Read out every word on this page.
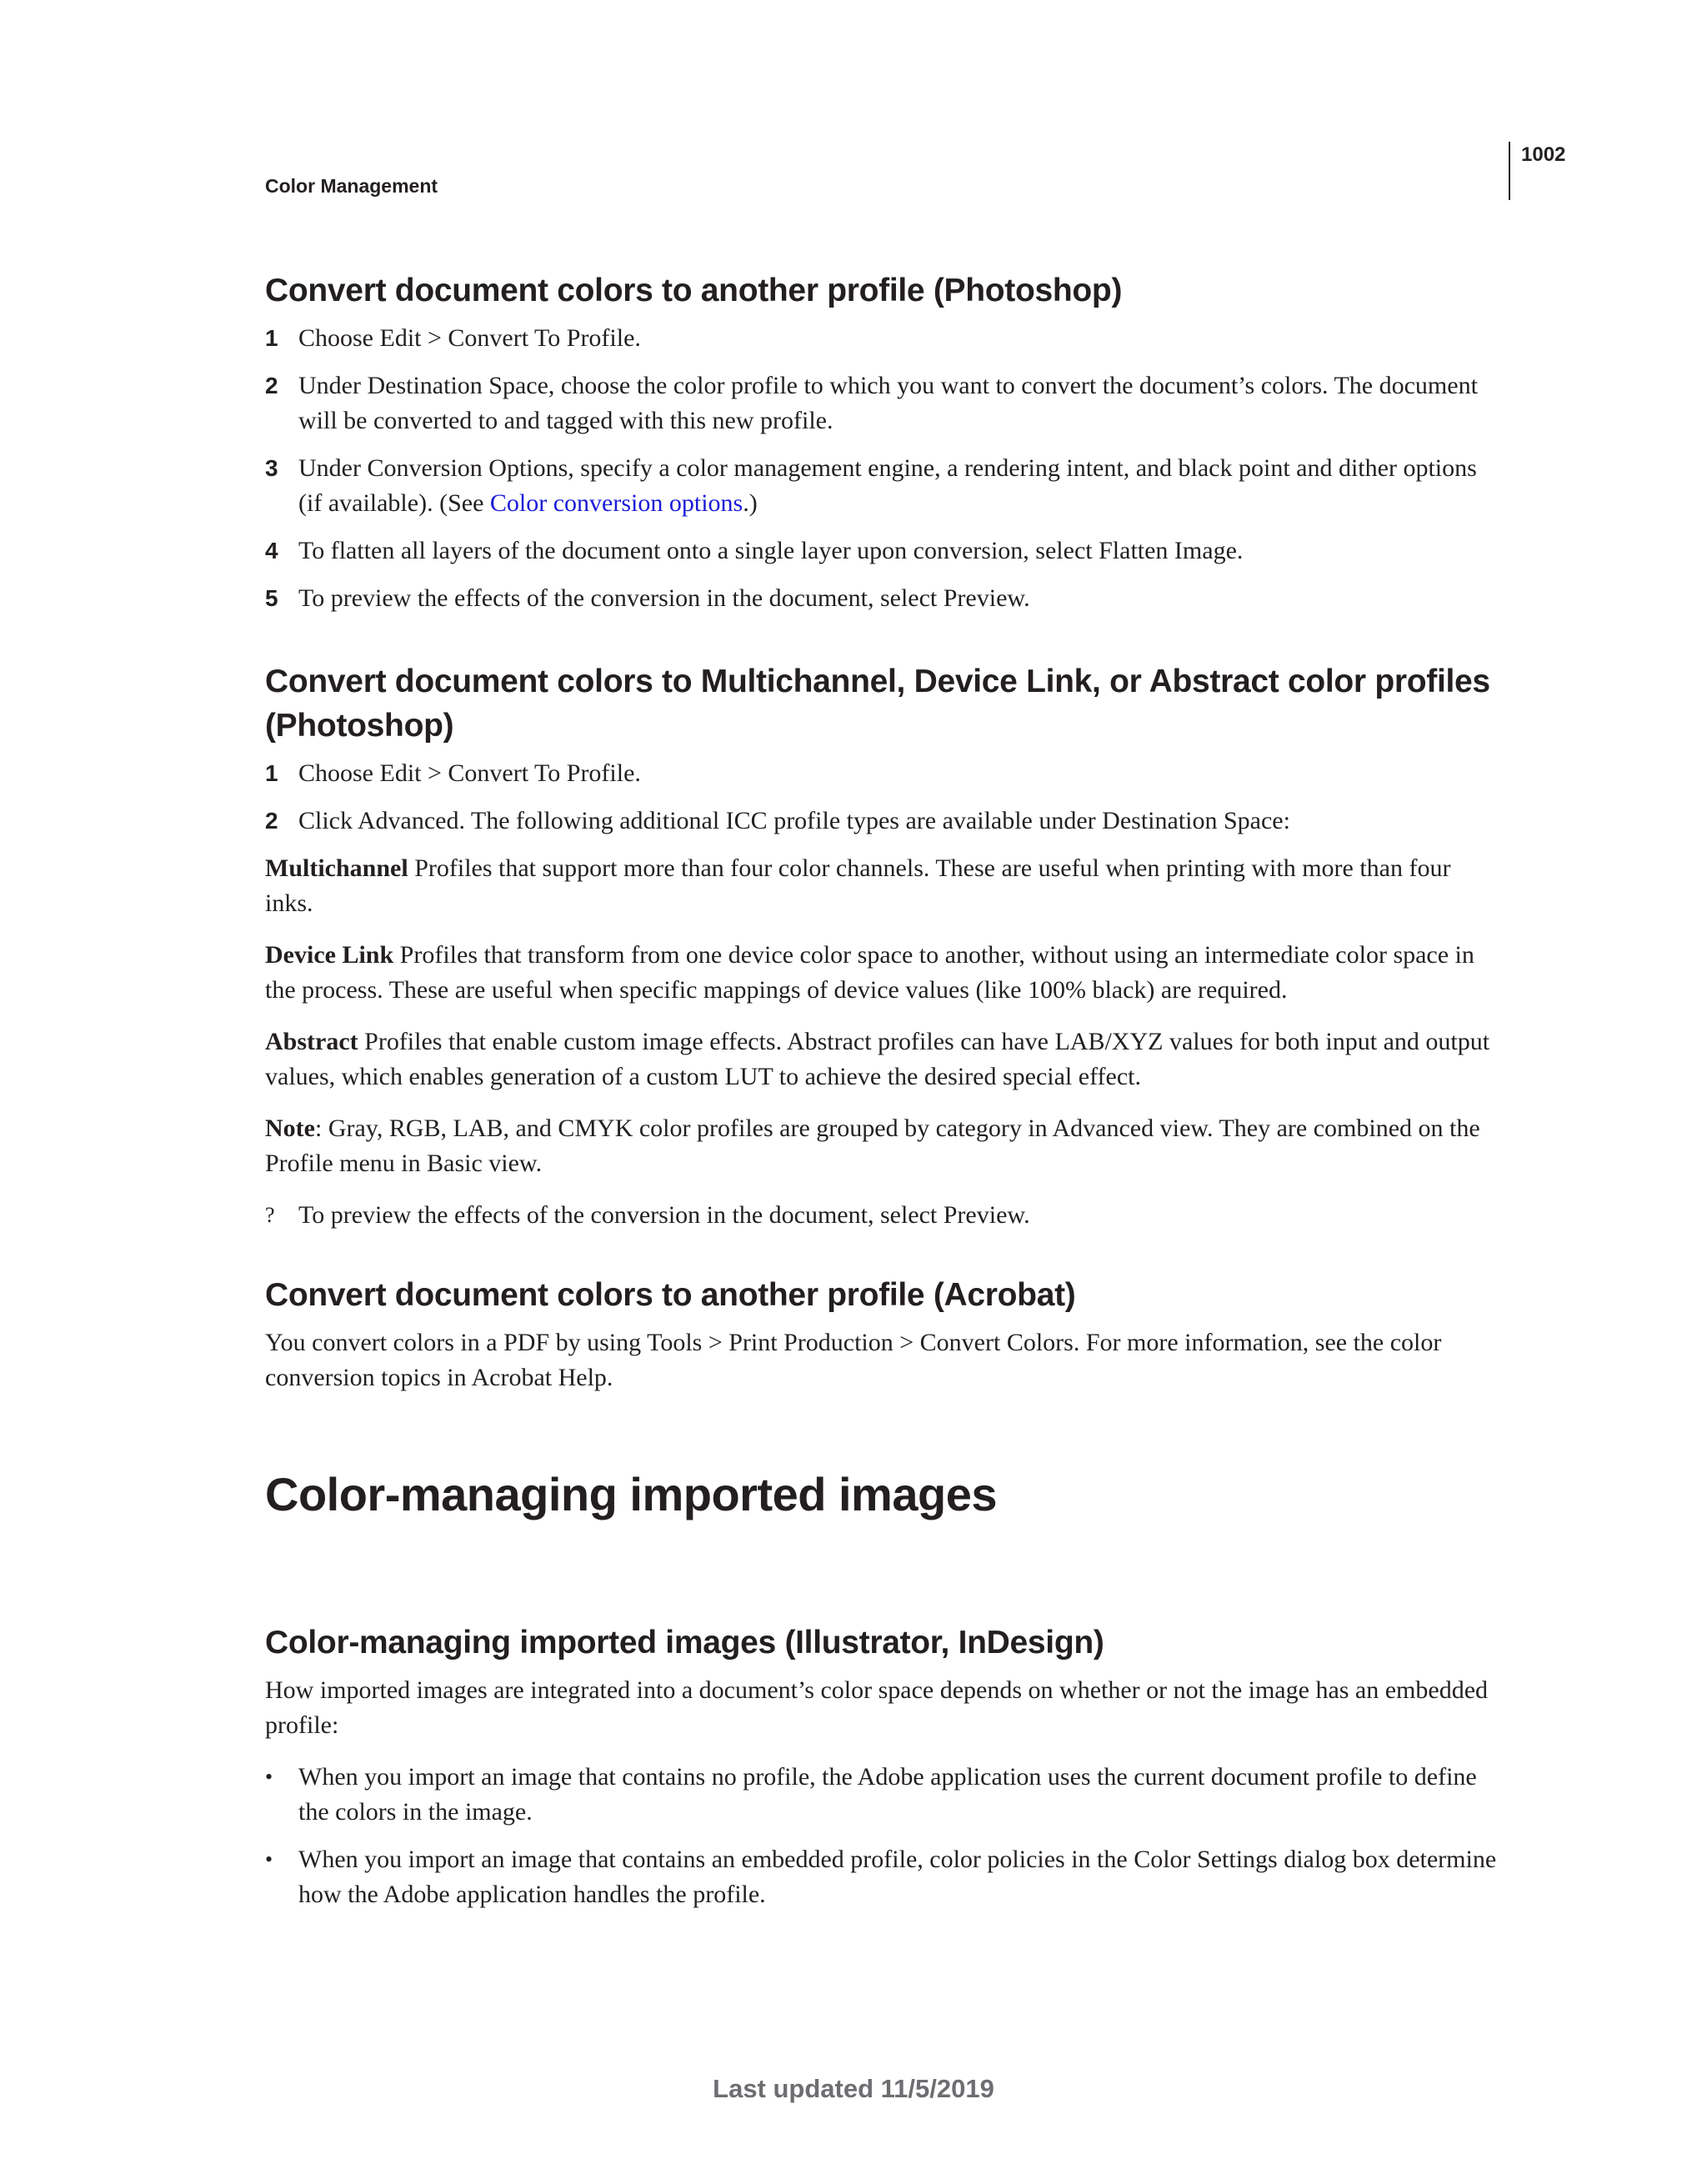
1002
Color Management
Convert document colors to another profile (Photoshop)
1 Choose Edit > Convert To Profile.
2 Under Destination Space, choose the color profile to which you want to convert the document’s colors. The document will be converted to and tagged with this new profile.
3 Under Conversion Options, specify a color management engine, a rendering intent, and black point and dither options (if available). (See Color conversion options.)
4 To flatten all layers of the document onto a single layer upon conversion, select Flatten Image.
5 To preview the effects of the conversion in the document, select Preview.
Convert document colors to Multichannel, Device Link, or Abstract color profiles (Photoshop)
1 Choose Edit > Convert To Profile.
2 Click Advanced. The following additional ICC profile types are available under Destination Space:

Multichannel Profiles that support more than four color channels. These are useful when printing with more than four inks.

Device Link Profiles that transform from one device color space to another, without using an intermediate color space in the process. These are useful when specific mappings of device values (like 100% black) are required.

Abstract Profiles that enable custom image effects. Abstract profiles can have LAB/XYZ values for both input and output values, which enables generation of a custom LUT to achieve the desired special effect.

Note: Gray, RGB, LAB, and CMYK color profiles are grouped by category in Advanced view. They are combined on the Profile menu in Basic view.

? To preview the effects of the conversion in the document, select Preview.
Convert document colors to another profile (Acrobat)

You convert colors in a PDF by using Tools > Print Production > Convert Colors. For more information, see the color conversion topics in Acrobat Help.

Color-managing imported images
Color-managing imported images (Illustrator, InDesign)

How imported images are integrated into a document’s color space depends on whether or not the image has an embedded profile:

•	When you import an image that contains no profile, the Adobe application uses the current document profile to define the colors in the image.
•	When you import an image that contains an embedded profile, color policies in the Color Settings dialog box determine how the Adobe application handles the profile.
Last updated 11/5/2019
